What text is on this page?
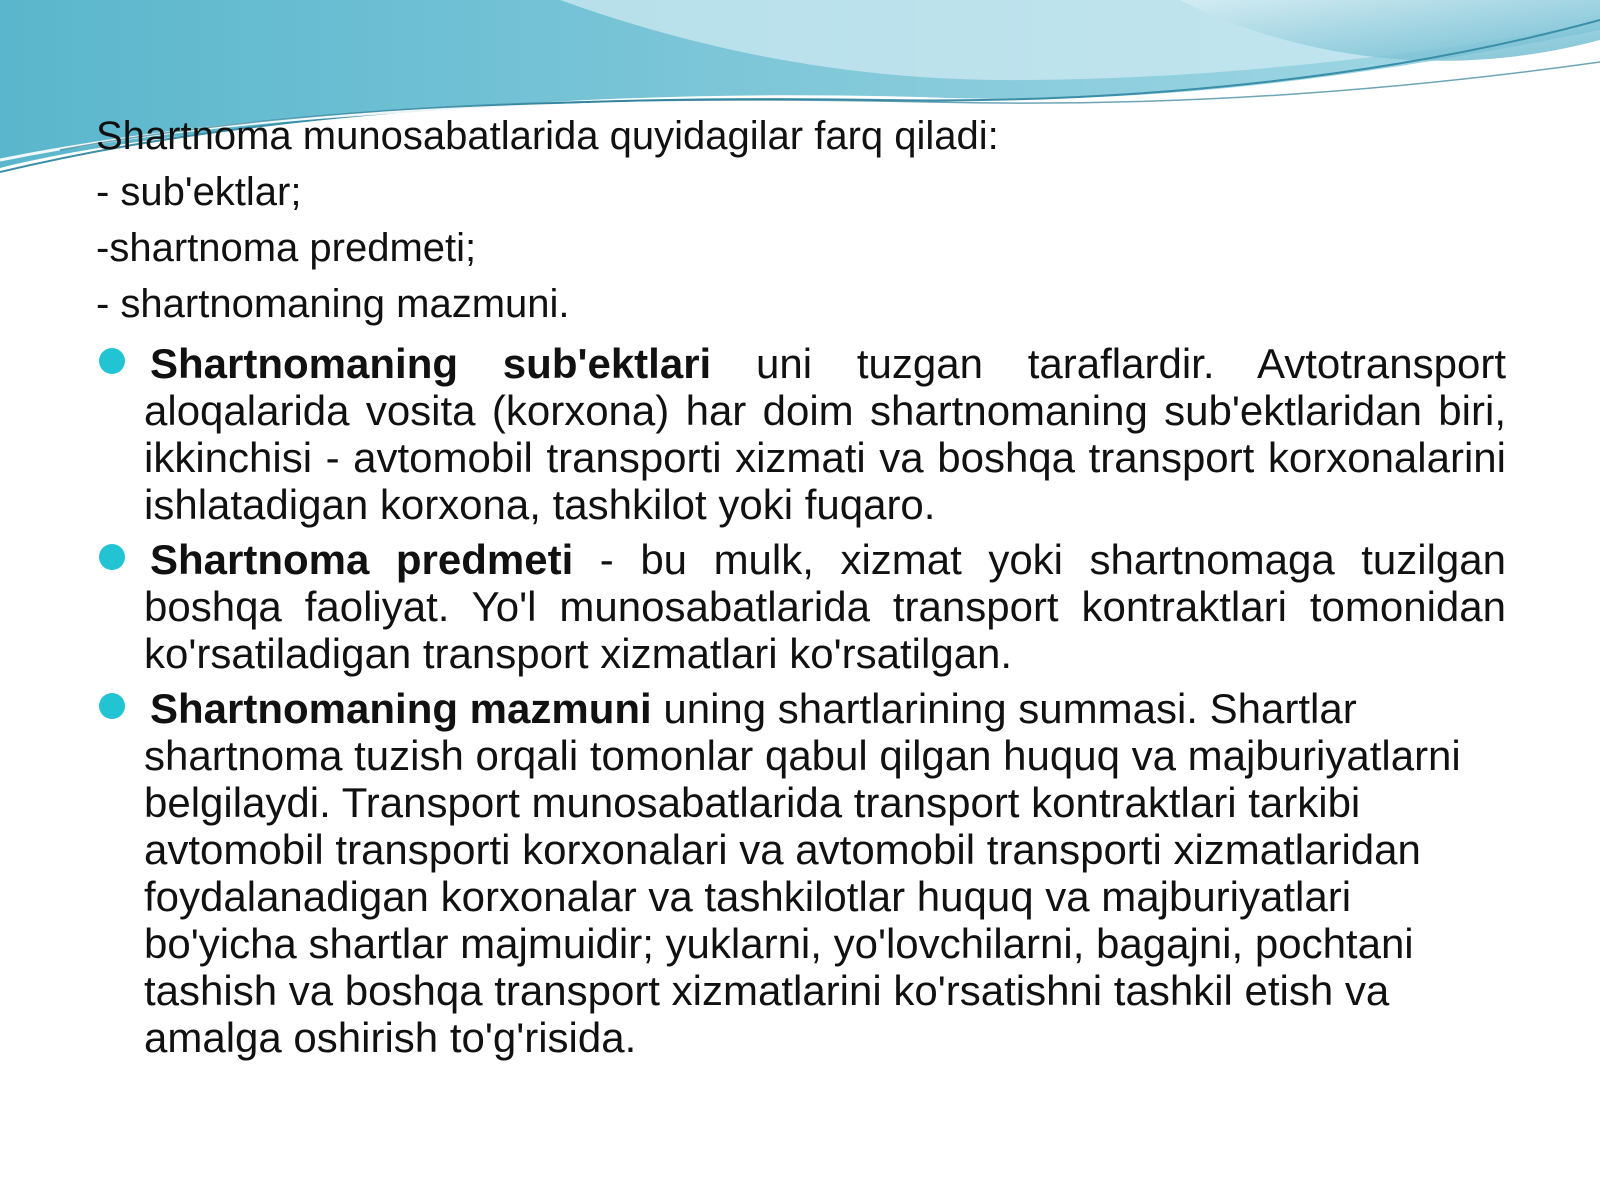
Shartnoma munosabatlarida quyidagilar farq qiladi:

- sub'ektlar;

-shartnoma predmeti;

- shartnomaning mazmuni.

Shartnomaning sub'ektlari uni tuzgan taraflardir. Avtotransport aloqalarida vosita (korxona) har doim shartnomaning sub'ektlaridan biri, ikkinchisi - avtomobil transporti xizmati va boshqa transport korxonalarini ishlatadigan korxona, tashkilot yoki fuqaro.
Shartnoma predmeti - bu mulk, xizmat yoki shartnomaga tuzilgan boshqa faoliyat. Yo'l munosabatlarida transport kontraktlari tomonidan ko'rsatiladigan transport xizmatlari ko'rsatilgan.
Shartnomaning mazmuni uning shartlarining summasi. Shartlar shartnoma tuzish orqali tomonlar qabul qilgan huquq va majburiyatlarni belgilaydi. Transport munosabatlarida transport kontraktlari tarkibi avtomobil transporti korxonalari va avtomobil transporti xizmatlaridan foydalanadigan korxonalar va tashkilotlar huquq va majburiyatlari bo'yicha shartlar majmuidir; yuklarni, yo'lovchilarni, bagajni, pochtani tashish va boshqa transport xizmatlarini ko'rsatishni tashkil etish va amalga oshirish to'g'risida.
